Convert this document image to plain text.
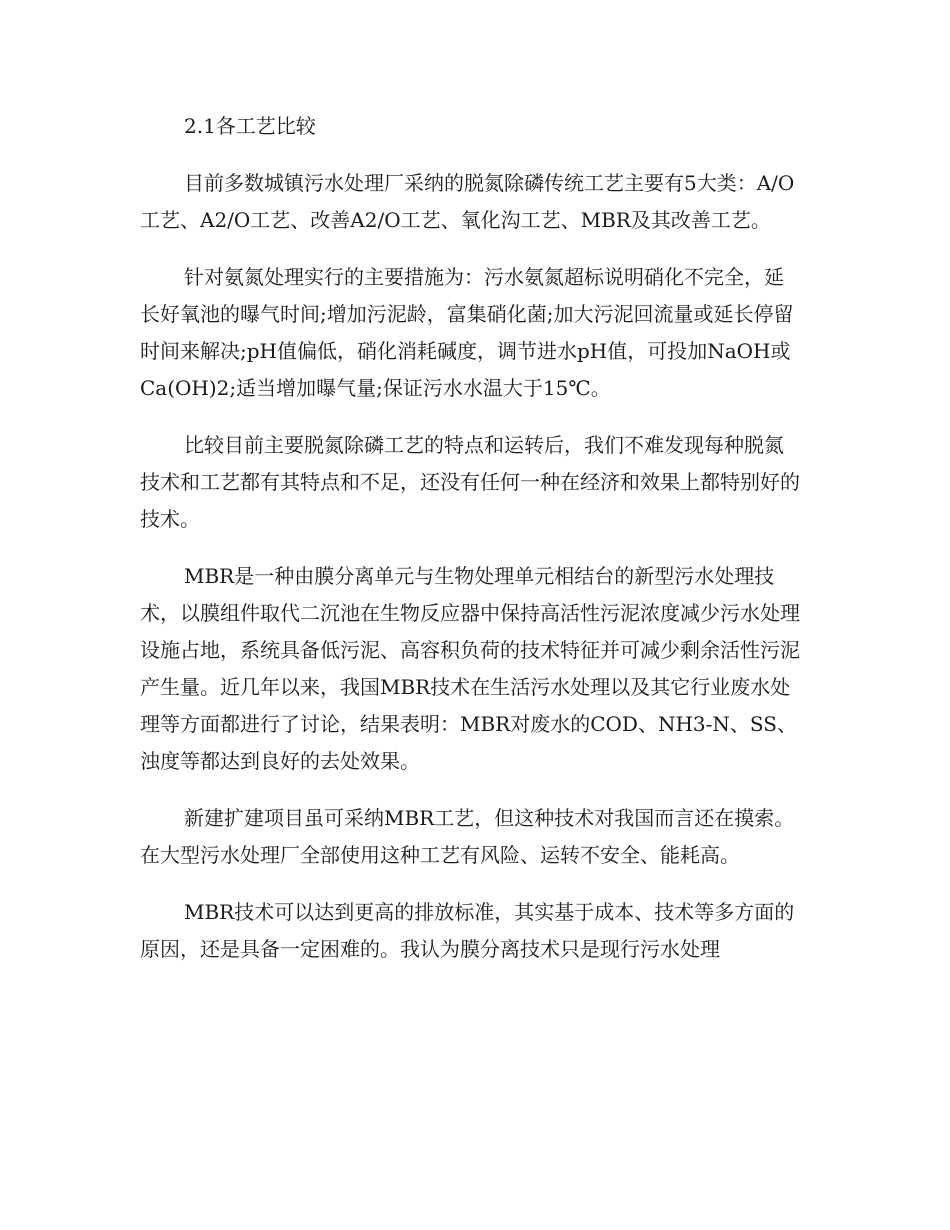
2.1各工艺比较

目前多数城镇污水处理厂采纳的脱氮除磷传统工艺主要有5大类：A/O工艺、A2/O工艺、改善A2/O工艺、氧化沟工艺、MBR及其改善工艺。

针对氨氮处理实行的主要措施为：污水氨氮超标说明硝化不完全，延长好氧池的曝气时间;增加污泥龄，富集硝化菌;加大污泥回流量或延长停留时间来解决;pH值偏低，硝化消耗碱度，调节进水pH值，可投加NaOH或Ca(OH)2;适当增加曝气量;保证污水水温大于15℃。

比较目前主要脱氮除磷工艺的特点和运转后，我们不难发现每种脱氮技术和工艺都有其特点和不足，还没有任何一种在经济和效果上都特别好的技术。

MBR是一种由膜分离单元与生物处理单元相结台的新型污水处理技术，以膜组件取代二沉池在生物反应器中保持高活性污泥浓度减少污水处理设施占地，系统具备低污泥、高容积负荷的技术特征并可减少剩余活性污泥产生量。近几年以来，我国MBR技术在生活污水处理以及其它行业废水处理等方面都进行了讨论，结果表明：MBR对废水的COD、NH3-N、SS、浊度等都达到良好的去处效果。

新建扩建项目虽可采纳MBR工艺，但这种技术对我国而言还在摸索。在大型污水处理厂全部使用这种工艺有风险、运转不安全、能耗高。

MBR技术可以达到更高的排放标准，其实基于成本、技术等多方面的原因，还是具备一定困难的。我认为膜分离技术只是现行污水处理
